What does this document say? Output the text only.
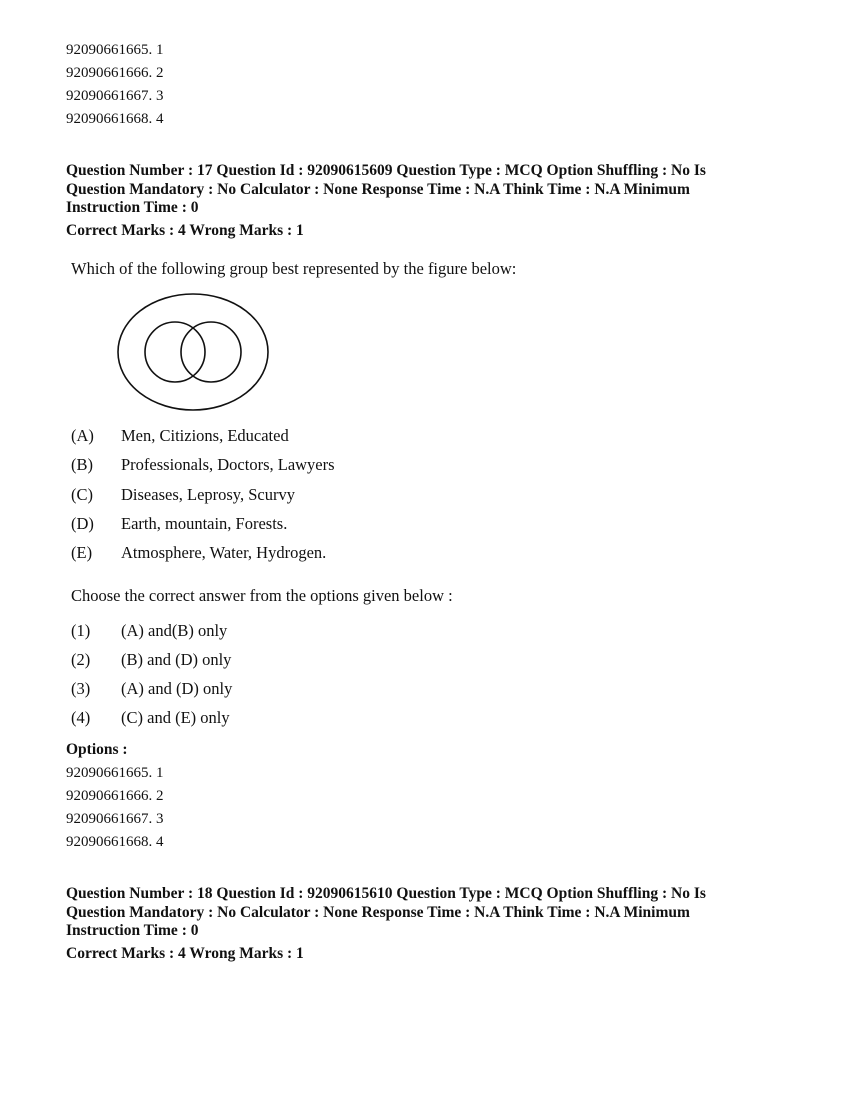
92090661665. 1
92090661666. 2
92090661667. 3
92090661668. 4
Question Number : 17 Question Id : 92090615609 Question Type : MCQ Option Shuffling : No Is
Question Mandatory : No Calculator : None Response Time : N.A Think Time : N.A Minimum
Instruction Time : 0
Correct Marks : 4 Wrong Marks : 1
Which of the following group best represented by the figure below:
(A) Men, Citizions, Educated
(B) Professionals, Doctors, Lawyers
(C) Diseases, Leprosy, Scurvy
(D) Earth, mountain, Forests.
(E) Atmosphere, Water, Hydrogen.
Choose the correct answer from the options given below :
(1) (A) and(B) only
(2) (B) and (D) only
(3) (A) and (D) only
(4) (C) and (E) only
Options :
92090661665. 1
92090661666. 2
92090661667. 3
92090661668. 4
Question Number : 18 Question Id : 92090615610 Question Type : MCQ Option Shuffling : No Is
Question Mandatory : No Calculator : None Response Time : N.A Think Time : N.A Minimum
Instruction Time : 0
Correct Marks : 4 Wrong Marks : 1
